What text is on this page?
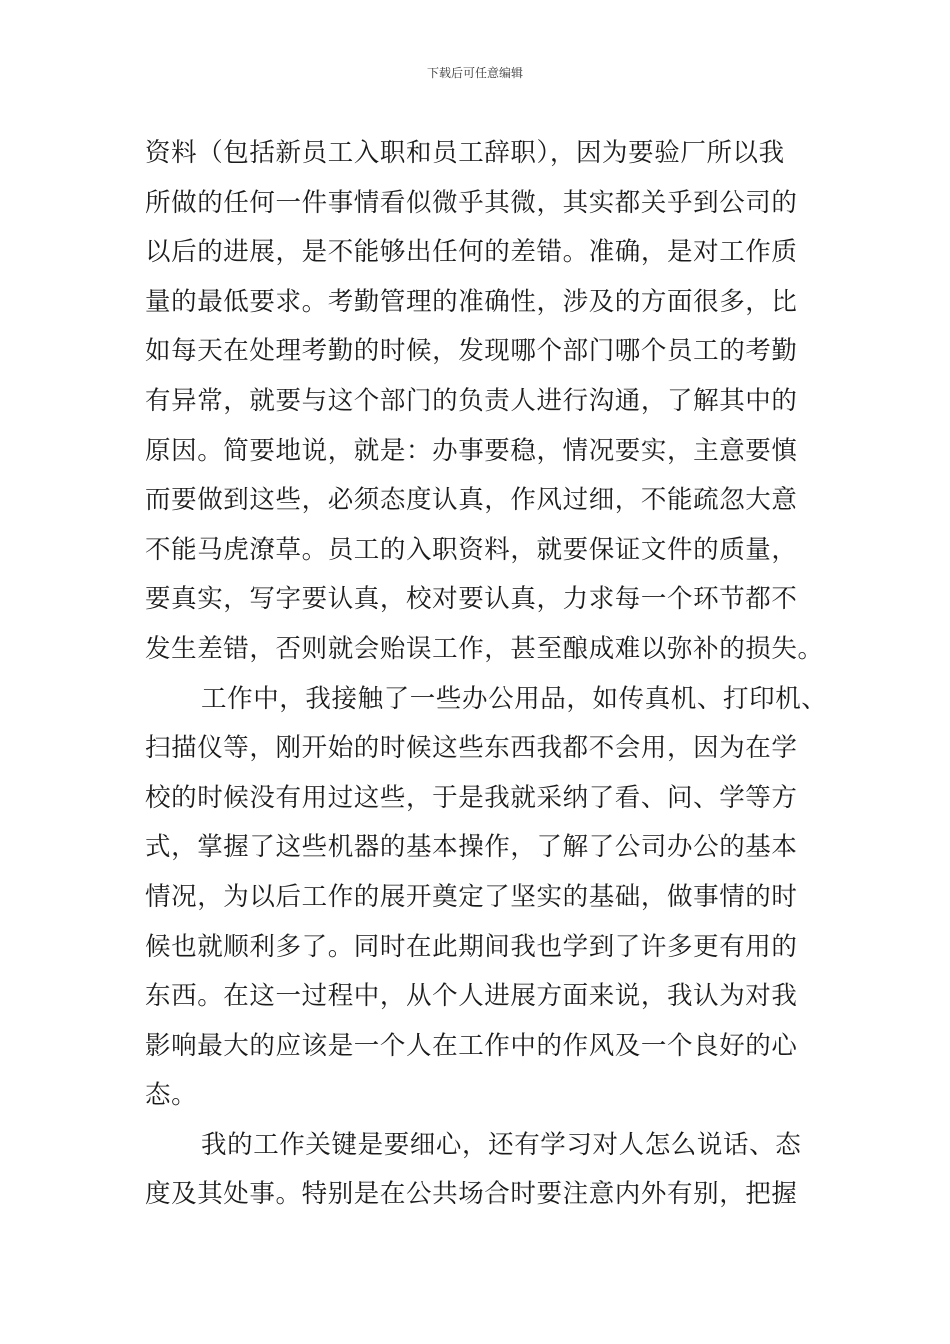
下载后可任意编辑
资料（包括新员工入职和员工辞职），因为要验厂所以我
所做的任何一件事情看似微乎其微，其实都关乎到公司的
以后的进展，是不能够出任何的差错。准确，是对工作质
量的最低要求。考勤管理的准确性，涉及的方面很多，比
如每天在处理考勤的时候，发现哪个部门哪个员工的考勤
有异常，就要与这个部门的负责人进行沟通，了解其中的
原因。简要地说，就是：办事要稳，情况要实，主意要慎
而要做到这些，必须态度认真，作风过细，不能疏忽大意
不能马虎潦草。员工的入职资料，就要保证文件的质量，
要真实，写字要认真，校对要认真，力求每一个环节都不
发生差错，否则就会贻误工作，甚至酿成难以弥补的损失。
工作中，我接触了一些办公用品，如传真机、打印机、
扫描仪等，刚开始的时候这些东西我都不会用，因为在学
校的时候没有用过这些，于是我就采纳了看、问、学等方
式，掌握了这些机器的基本操作，了解了公司办公的基本
情况，为以后工作的展开奠定了坚实的基础，做事情的时
候也就顺利多了。同时在此期间我也学到了许多更有用的
东西。在这一过程中，从个人进展方面来说，我认为对我
影响最大的应该是一个人在工作中的作风及一个良好的心
态。
我的工作关键是要细心，还有学习对人怎么说话、态
度及其处事。特别是在公共场合时要注意内外有别，把握
